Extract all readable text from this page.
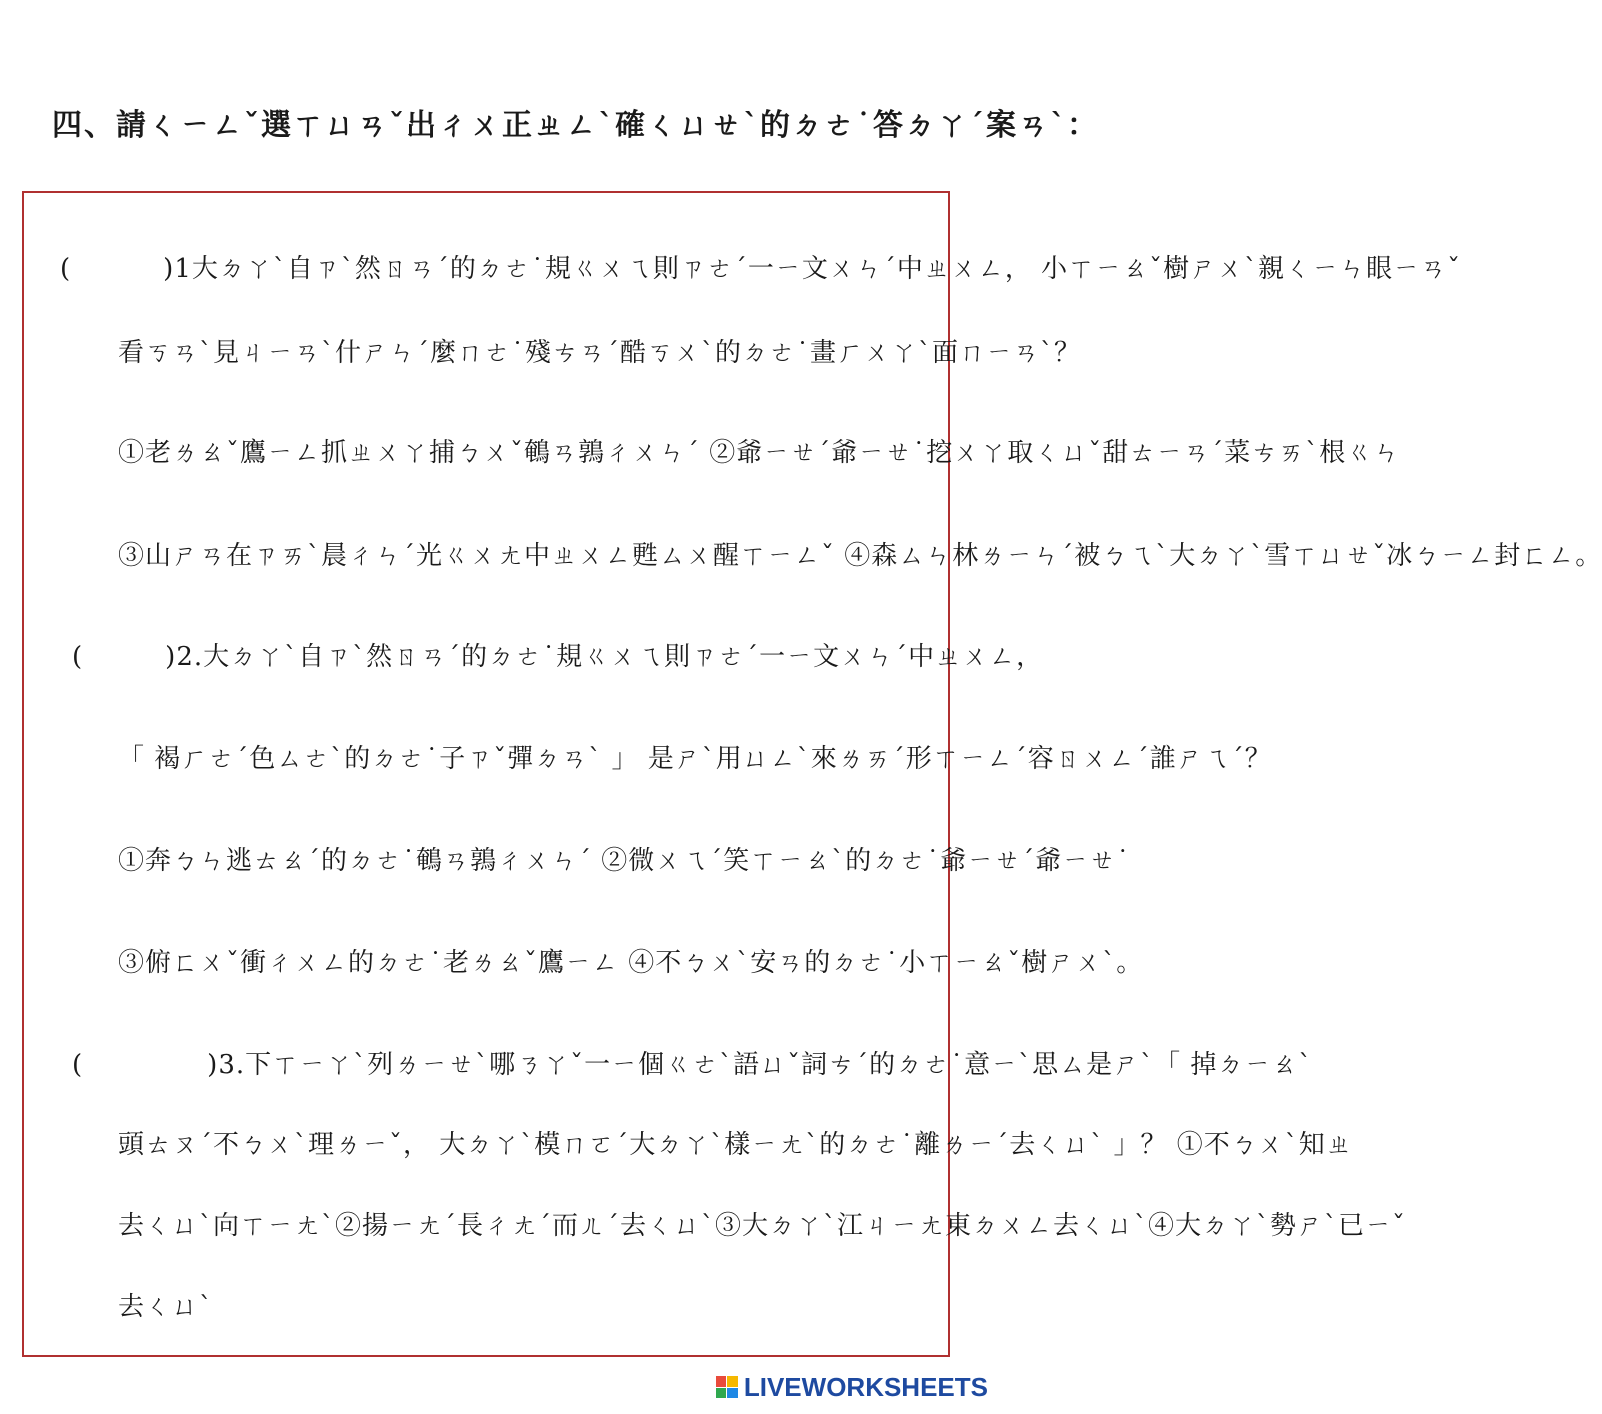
四、請ㄑㄧㄥˇ選ㄒㄩㄢˇ出ㄔㄨ正ㄓㄥˋ確ㄑㄩㄝˋ的ㄉㄜ˙答ㄉㄚˊ案ㄢˋ：
(	)1大ㄉㄚˋ自ㄗˋ然ㄖㄢˊ的ㄉㄜ˙規ㄍㄨㄟ則ㄗㄜˊ一ㄧ文ㄨㄣˊ中ㄓㄨㄥ， 小ㄒㄧㄠˇ樹ㄕㄨˋ親ㄑㄧㄣ眼ㄧㄢˇ
看ㄎㄢˋ見ㄐㄧㄢˋ什ㄕㄣˊ麼ㄇㄜ˙殘ㄘㄢˊ酷ㄎㄨˋ的ㄉㄜ˙畫ㄏㄨㄚˋ面ㄇㄧㄢˋ？
①老ㄌㄠˇ鷹ㄧㄥ抓ㄓㄨㄚ捕ㄅㄨˇ鵪ㄢ鶉ㄔㄨㄣˊ ②爺ㄧㄝˊ爺ㄧㄝ˙挖ㄨㄚ取ㄑㄩˇ甜ㄊㄧㄢˊ菜ㄘㄞˋ根ㄍㄣ
③山ㄕㄢ在ㄗㄞˋ晨ㄔㄣˊ光ㄍㄨㄤ中ㄓㄨㄥ甦ㄙㄨ醒ㄒㄧㄥˇ ④森ㄙㄣ林ㄌㄧㄣˊ被ㄅㄟˋ大ㄉㄚˋ雪ㄒㄩㄝˇ冰ㄅㄧㄥ封ㄈㄥ。
(	)2.大ㄉㄚˋ自ㄗˋ然ㄖㄢˊ的ㄉㄜ˙規ㄍㄨㄟ則ㄗㄜˊ一ㄧ文ㄨㄣˊ中ㄓㄨㄥ，
「 褐ㄏㄜˊ色ㄙㄜˋ的ㄉㄜ˙子ㄗˇ彈ㄉㄢˋ 」 是ㄕˋ用ㄩㄥˋ來ㄌㄞˊ形ㄒㄧㄥˊ容ㄖㄨㄥˊ誰ㄕㄟˊ？
①奔ㄅㄣ逃ㄊㄠˊ的ㄉㄜ˙鵪ㄢ鶉ㄔㄨㄣˊ ②微ㄨㄟˊ笑ㄒㄧㄠˋ的ㄉㄜ˙爺ㄧㄝˊ爺ㄧㄝ˙
③俯ㄈㄨˇ衝ㄔㄨㄥ的ㄉㄜ˙老ㄌㄠˇ鷹ㄧㄥ ④不ㄅㄨˋ安ㄢ的ㄉㄜ˙小ㄒㄧㄠˇ樹ㄕㄨˋ。
(	)3.下ㄒㄧㄚˋ列ㄌㄧㄝˋ哪ㄋㄚˇ一ㄧ個ㄍㄜˋ語ㄩˇ詞ㄘˊ的ㄉㄜ˙意ㄧˋ思ㄙ是ㄕˋ「 掉ㄉㄧㄠˋ
頭ㄊㄡˊ不ㄅㄨˋ理ㄌㄧˇ， 大ㄉㄚˋ模ㄇㄛˊ大ㄉㄚˋ樣ㄧㄤˋ的ㄉㄜ˙離ㄌㄧˊ去ㄑㄩˋ 」？ ①不ㄅㄨˋ知ㄓ
去ㄑㄩˋ向ㄒㄧㄤˋ②揚ㄧㄤˊ長ㄔㄤˊ而ㄦˊ去ㄑㄩˋ③大ㄉㄚˋ江ㄐㄧㄤ東ㄉㄨㄥ去ㄑㄩˋ④大ㄉㄚˋ勢ㄕˋ已ㄧˇ
去ㄑㄩˋ
LIVEWORKSHEETS
